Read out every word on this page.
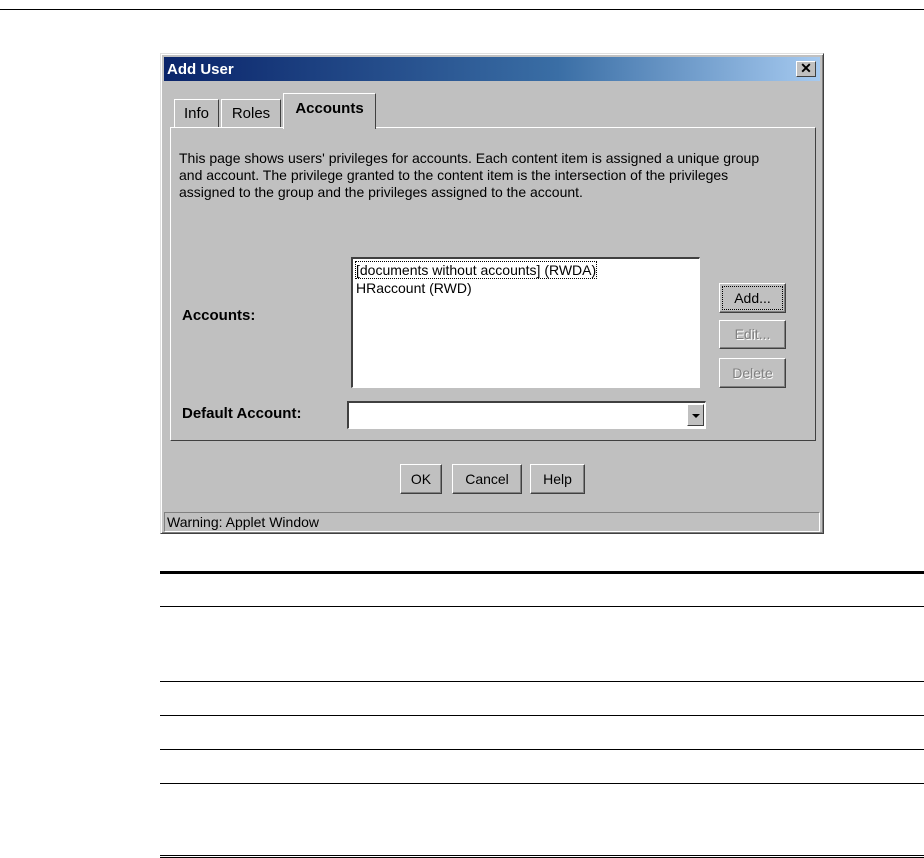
Add User	✕
Info	Roles	Accounts
This page shows users' privileges for accounts. Each content item is assigned a unique group and account. The privilege granted to the content item is the intersection of the privileges assigned to the group and the privileges assigned to the account.
Accounts:
[documents without accounts] (RWDA)
HRaccount (RWD)
Add...
Edit...
Delete
Default Account:
OK	Cancel	Help
Warning: Applet Window
